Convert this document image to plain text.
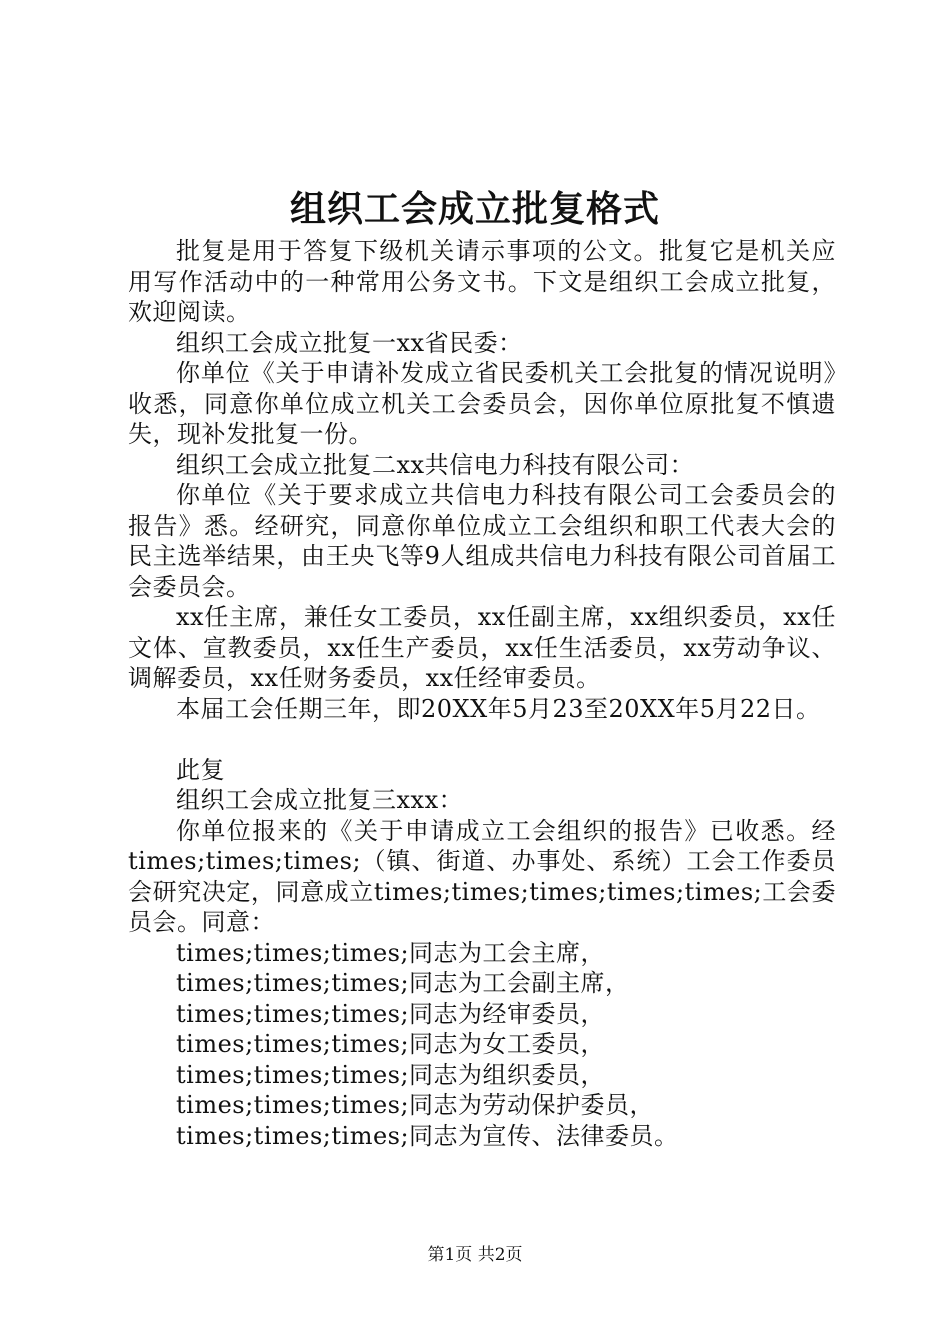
组织工会成立批复格式

批复是用于答复下级机关请示事项的公文。批复它是机关应用写作活动中的一种常用公务文书。下文是组织工会成立批复，欢迎阅读。

组织工会成立批复一xx省民委：

你单位《关于申请补发成立省民委机关工会批复的情况说明》收悉，同意你单位成立机关工会委员会，因你单位原批复不慎遗失，现补发批复一份。

组织工会成立批复二xx共信电力科技有限公司：

你单位《关于要求成立共信电力科技有限公司工会委员会的报告》悉。经研究，同意你单位成立工会组织和职工代表大会的民主选举结果，由王央飞等9人组成共信电力科技有限公司首届工会委员会。

xx任主席，兼任女工委员，xx任副主席，xx组织委员，xx任文体、宣教委员，xx任生产委员，xx任生活委员，xx劳动争议、调解委员，xx任财务委员，xx任经审委员。

本届工会任期三年，即20XX年5月23至20XX年5月22日。

此复

组织工会成立批复三xxx：

你单位报来的《关于申请成立工会组织的报告》已收悉。经times;times;times;（镇、街道、办事处、系统）工会工作委员会研究决定，同意成立times;times;times;times;times;工会委员会。同意：

times;times;times;同志为工会主席，

times;times;times;同志为工会副主席，

times;times;times;同志为经审委员，

times;times;times;同志为女工委员，

times;times;times;同志为组织委员，

times;times;times;同志为劳动保护委员，

times;times;times;同志为宣传、法律委员。

第1页 共2页
